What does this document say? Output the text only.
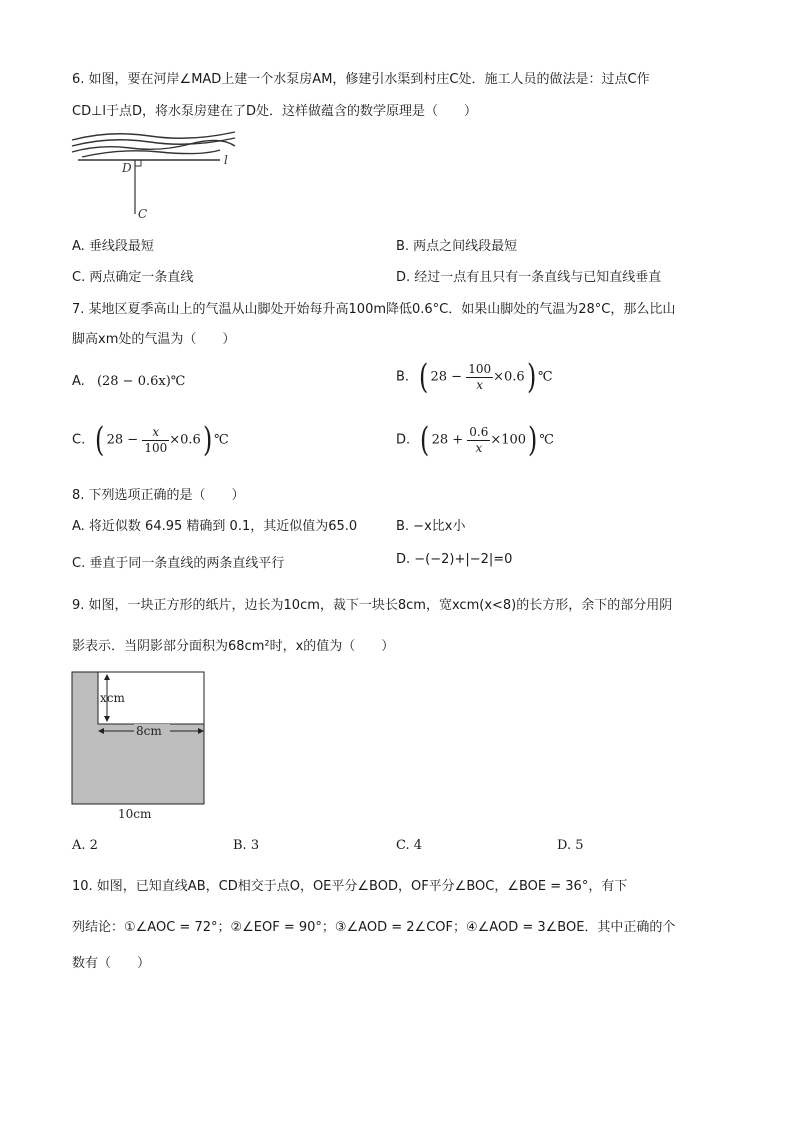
6. 如图，要在河岸∠MAD上建一个水泵房AM，修建引水渠到村庄C处．施工人员的做法是：过点C作
CD⊥l于点D，将水泵房建在了D处．这样做蕴含的数学原理是（　　）
D
l
C
A. 垂线段最短	B. 两点之间线段最短
C. 两点确定一条直线	D. 经过一点有且只有一条直线与已知直线垂直
7. 某地区夏季高山上的气温从山脚处开始每升高100m降低0.6°C．如果山脚处的气温为28°C，那么比山
脚高xm处的气温为（　　）
A. (28 − 0.6x)℃	B. ( $28 - \frac{100}{x} \times 0.6$) ℃
C. ( $28 - \frac{x}{100} \times 0.6$) ℃	D. ( $28 + \frac{0.6}{x} \times 100$) ℃
8. 下列选项正确的是（　　）
A. 将近似数 64.95 精确到 0.1，其近似值为65.0	B. −x比x小
C. 垂直于同一条直线的两条直线平行	D. −(−2)+|−2|=0
9. 如图，一块正方形的纸片，边长为10cm，裁下一块长8cm，宽xcm(x<8)的长方形，余下的部分用阴
影表示．当阴影部分面积为68cm²时，x的值为（　　）
xcm
8cm
10cm
A. 2	B. 3	C. 4	D. 5
10. 如图，已知直线AB，CD相交于点O，OE平分∠BOD，OF平分∠BOC，∠BOE = 36°，有下
列结论：①∠AOC = 72°；②∠EOF = 90°；③∠AOD = 2∠COF；④∠AOD = 3∠BOE．其中正确的个
数有（　　）
